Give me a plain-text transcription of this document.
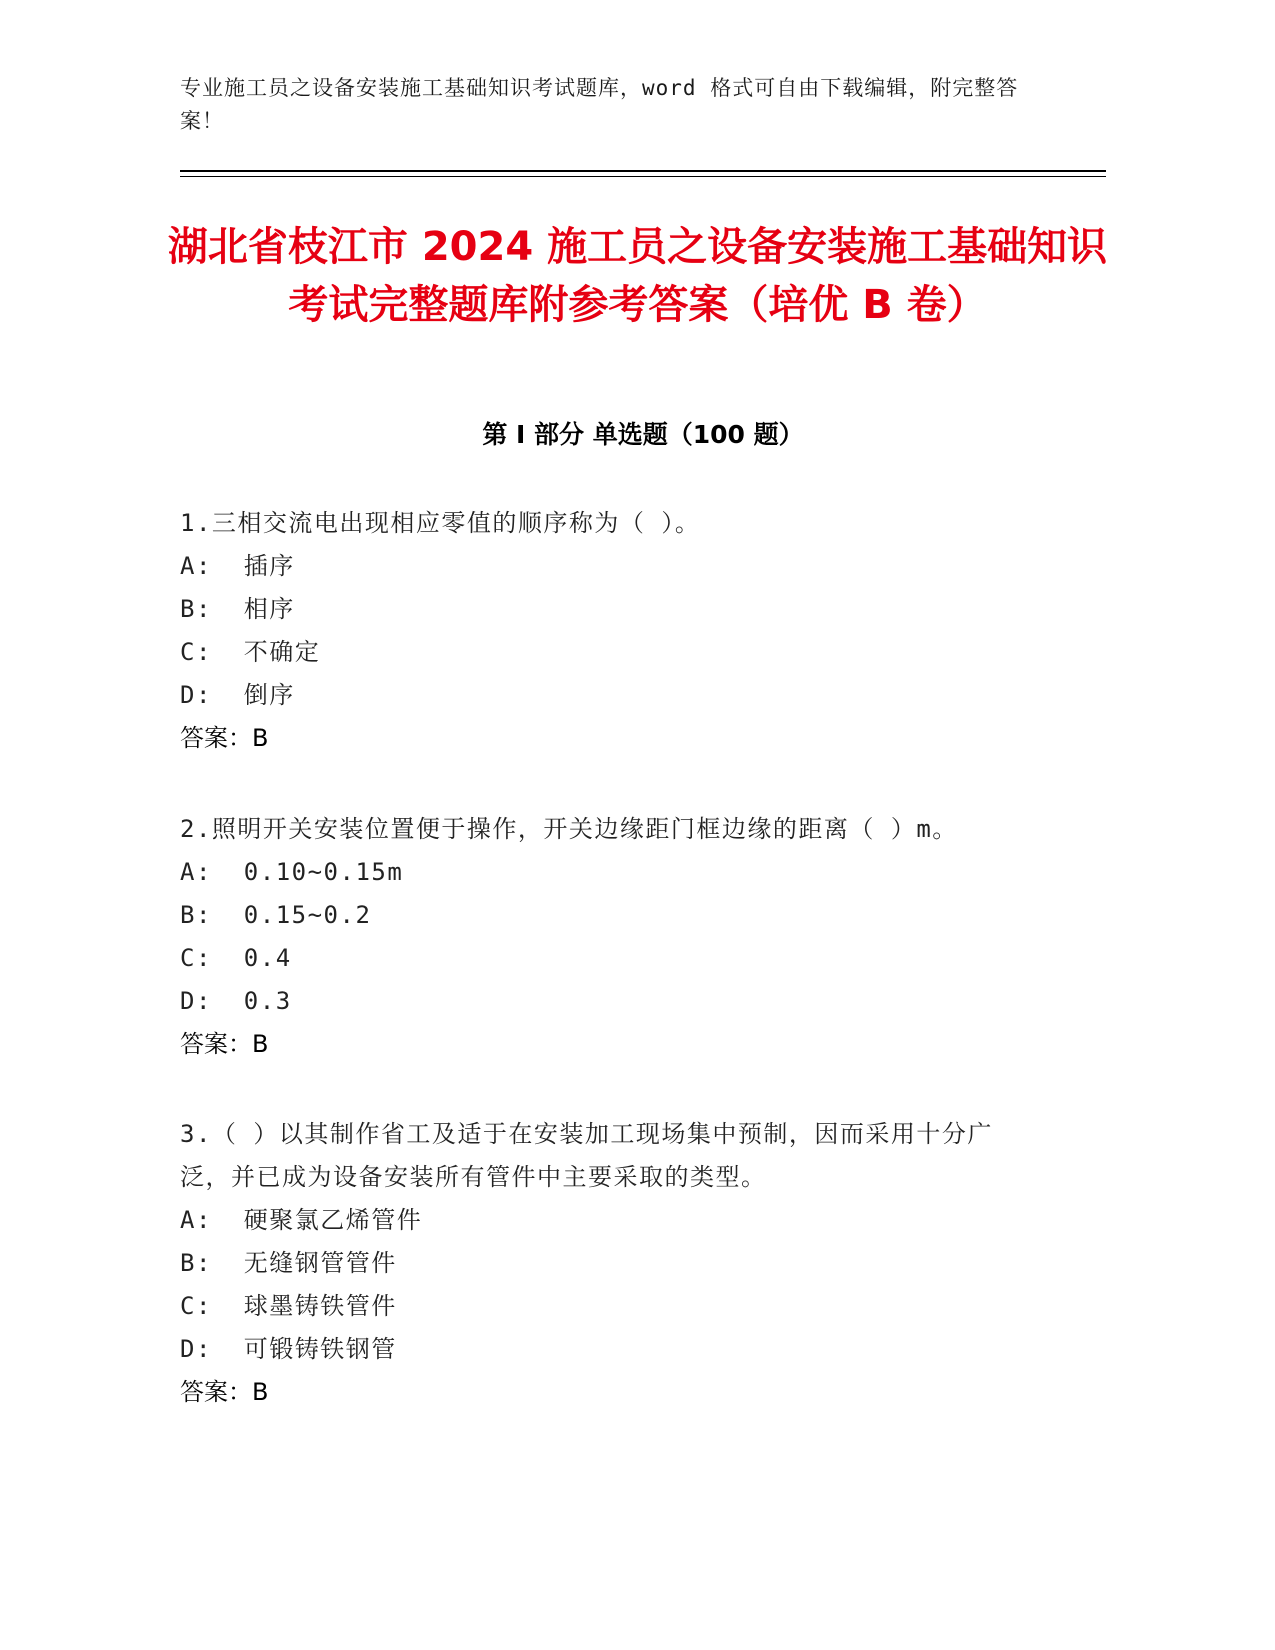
专业施工员之设备安装施工基础知识考试题库，word 格式可自由下载编辑，附完整答案！
湖北省枝江市 2024 施工员之设备安装施工基础知识考试完整题库附参考答案（培优 B 卷）
第 I 部分 单选题（100 题）
1.三相交流电出现相应零值的顺序称为（ ）。
A:  插序
B:  相序
C:  不确定
D:  倒序
答案：B
2.照明开关安装位置便于操作，开关边缘距门框边缘的距离（ ）m。
A:  0.10~0.15m
B:  0.15~0.2
C:  0.4
D:  0.3
答案：B
3.（ ）以其制作省工及适于在安装加工现场集中预制，因而采用十分广泛，并已成为设备安装所有管件中主要采取的类型。
A:  硬聚氯乙烯管件
B:  无缝钢管管件
C:  球墨铸铁管件
D:  可锻铸铁钢管
答案：B
